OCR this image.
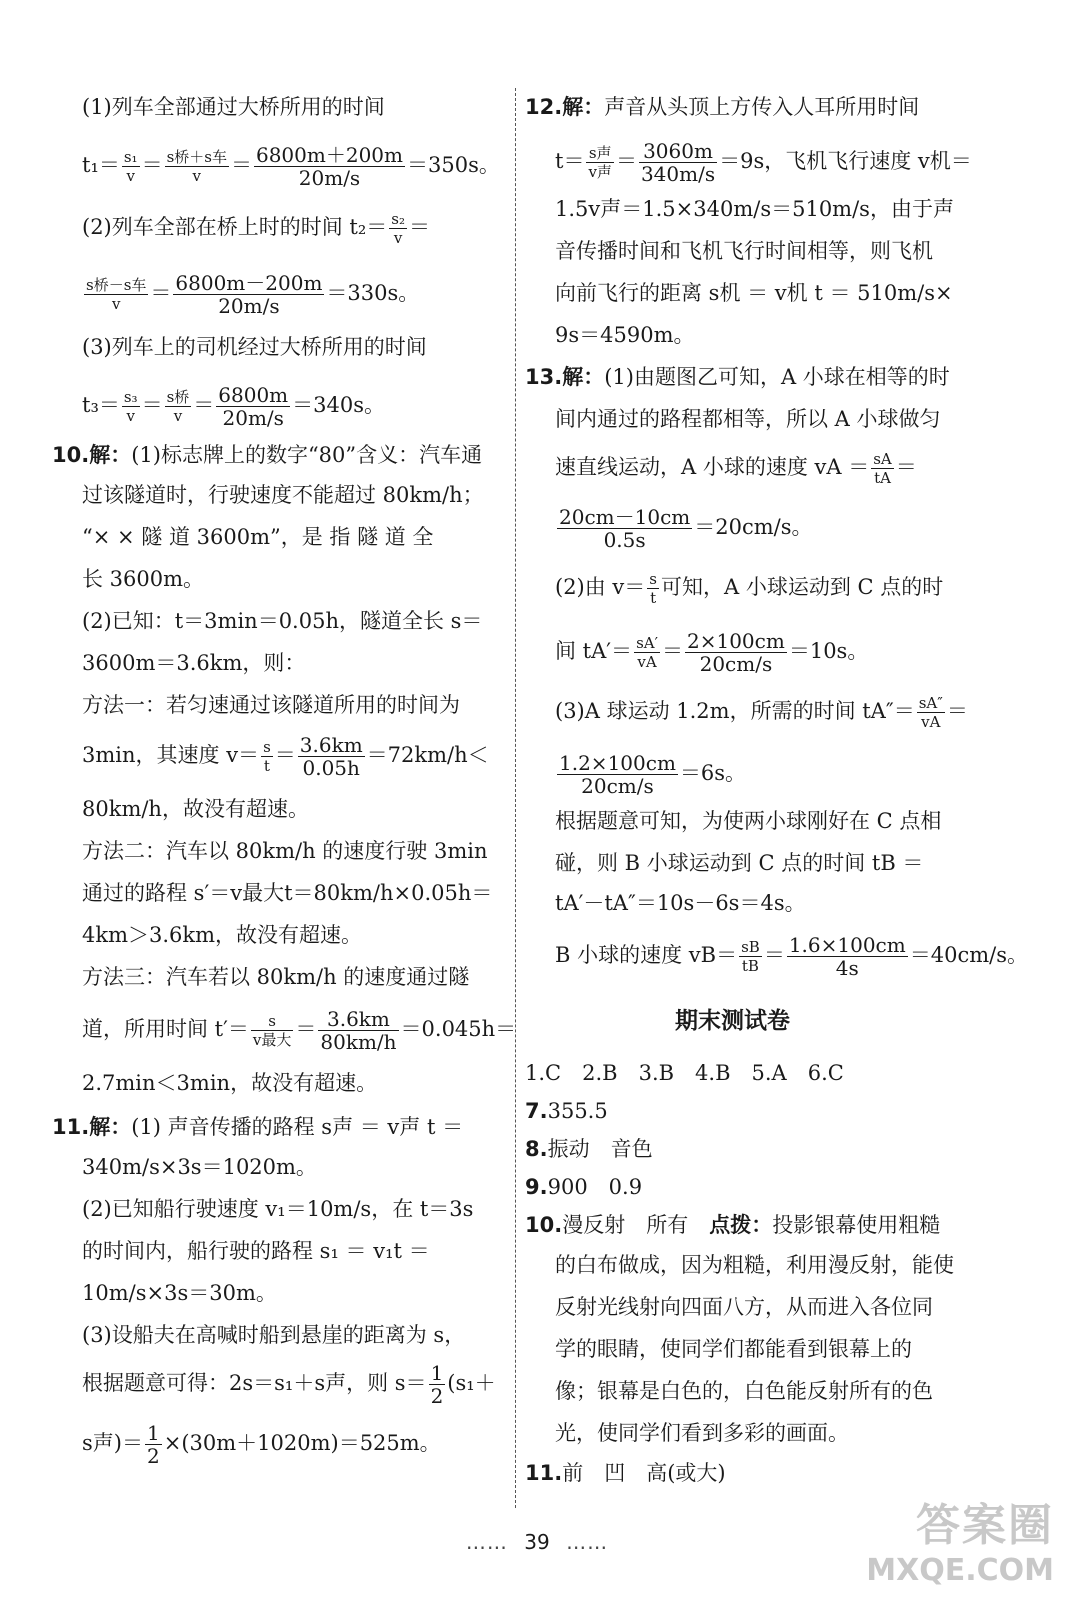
(1)列车全部通过大桥所用的时间
$t_1= \frac{\text{s₁}}{v} = \frac{\text{s桥＋s车}}{v} = \frac{6800m+200m}{20m/s} =350s$。
(2)列车全部在桥上时的时间 $t_2= \frac{\text{s₂}}{v}$ ＝
$\frac{\text{s桥－s车}}{v} = \frac{6800m-200m}{20m/s} =330s$。
(3)列车上的司机经过大桥所用的时间
$t_3= \frac{\text{s₃}}{v} = \frac{\text{s桥}}{v} = \frac{6800m}{20m/s} =340s$。
10.解：(1)标志牌上的数字“80”含义：汽车通
过该隧道时，行驶速度不能超过 80km/h；
“× × 隧 道 3600m”，是 指 隧 道 全
长 3600m。
(2)已知：t＝3min＝0.05h，隧道全长 s＝
3600m＝3.6km，则：
方法一：若匀速通过该隧道所用的时间为
3min，其速度 $v= \frac{s}{t} = \frac{3.6km}{0.05h} =72km/h<$
80km/h，故没有超速。
方法二：汽车以 80km/h 的速度行驶 3min
通过的路程 s′＝v最大t＝80km/h×0.05h＝
4km＞3.6km，故没有超速。
方法三：汽车若以 80km/h 的速度通过隧
道，所用时间 $t'= \frac{s}{\text{v最大}} = \frac{3.6km}{80km/h} =0.045h=$
2.7min＜3min，故没有超速。
11.解：(1) 声音传播的路程 s声 ＝ v声 t ＝
340m/s×3s＝1020m。
(2)已知船行驶速度 v₁＝10m/s，在 t＝3s
的时间内，船行驶的路程 s₁ ＝ v₁t ＝
10m/s×3s＝30m。
(3)设船夫在高喊时船到悬崖的距离为 s，
根据题意可得：2s＝s₁＋s声，则 $s= \frac{1}{2} (s_1+$
s声)＝ $\frac{1}{2} \times(30m+1020m)=525m$。
12.解：声音从头顶上方传入人耳所用时间
$t= \frac{\text{s声}}{\text{v声}} = \frac{3060m}{340m/s} =9s$，飞机飞行速度 v机＝
1.5v声＝1.5×340m/s＝510m/s，由于声
音传播时间和飞机飞行时间相等，则飞机
向前飞行的距离 s机 ＝ v机 t ＝ 510m/s×
9s＝4590m。
13.解：(1)由题图乙可知，A 小球在相等的时
间内通过的路程都相等，所以 A 小球做匀
速直线运动，A 小球的速度 vA ＝ $\frac{sA}{tA}$ ＝
$\frac{20cm-10cm}{0.5s} =20cm/s$。
(2)由 $v= \frac{s}{t}$ 可知，A 小球运动到 C 点的时
间 $tA'= \frac{sA'}{vA} = \frac{2\times 100cm}{20cm/s} =10s$。
(3)A 球运动 1.2m，所需的时间 $tA''= \frac{sA''}{vA}$ ＝
$\frac{1.2\times 100cm}{20cm/s} =6s$。
根据题意可知，为使两小球刚好在 C 点相
碰，则 B 小球运动到 C 点的时间 tB ＝
tA′－tA″＝10s－6s＝4s。
B 小球的速度 $vB= \frac{sB}{tB} = \frac{1.6\times 100cm}{4s} =40cm/s$。
期末测试卷
1.C　 2.B　 3.B　 4.B　 5.A　 6.C
7.355.5
8.振动　音色
9.900　0.9
10.漫反射　所有　 点拨：投影银幕使用粗糙
的白布做成，因为粗糙，利用漫反射，能使
反射光线射向四面八方，从而进入各位同
学的眼睛，使同学们都能看到银幕上的
像；银幕是白色的，白色能反射所有的色
光，使同学们看到多彩的画面。
11.前　凹　高(或大)
…… 39 ……	答案圈
MXQE.COM
